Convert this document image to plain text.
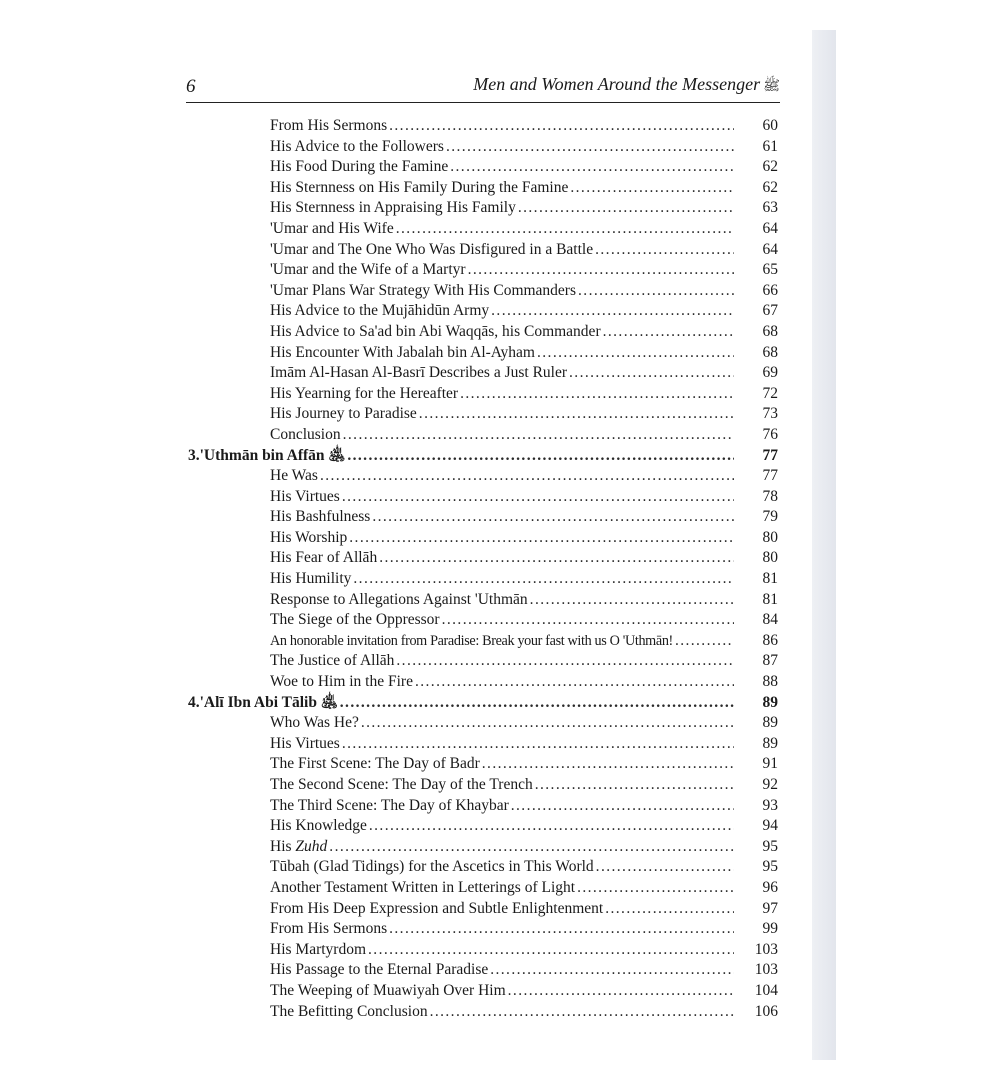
6	Men and Women Around the Messenger ﷺ
From His Sermons .....	60
His Advice to the Followers .....	61
His Food During the Famine .....	62
His Sternness on His Family During the Famine .....	62
His Sternness in Appraising His Family .....	63
'Umar and His Wife .....	64
'Umar and The One Who Was Disfigured in a Battle .....	64
'Umar and the Wife of a Martyr .....	65
'Umar Plans War Strategy With His Commanders .....	66
His Advice to the Mujāhidūn Army .....	67
His Advice to Sa'ad bin Abi Waqqās, his Commander .....	68
His Encounter With Jabalah bin Al-Ayham .....	68
Imām Al-Hasan Al-Basrī Describes a Just Ruler .....	69
His Yearning for the Hereafter .....	72
His Journey to Paradise .....	73
Conclusion .....	76
3. 'Uthmān bin Affān ﵁ .....	77
He Was .....	77
His Virtues .....	78
His Bashfulness .....	79
His Worship .....	80
His Fear of Allāh .....	80
His Humility .....	81
Response to Allegations Against 'Uthmān .....	81
The Siege of the Oppressor .....	84
An honorable invitation from Paradise: Break your fast with us O 'Uthmān! .....	86
The Justice of Allāh .....	87
Woe to Him in the Fire .....	88
4. 'Alī Ibn Abi Tālib ﵁ .....	89
Who Was He? .....	89
His Virtues .....	89
The First Scene: The Day of Badr .....	91
The Second Scene: The Day of the Trench .....	92
The Third Scene: The Day of Khaybar .....	93
His Knowledge .....	94
His Zuhd .....	95
Tūbah (Glad Tidings) for the Ascetics in This World .....	95
Another Testament Written in Letterings of Light .....	96
From His Deep Expression and Subtle Enlightenment .....	97
From His Sermons .....	99
His Martyrdom .....	103
His Passage to the Eternal Paradise .....	103
The Weeping of Muawiyah Over Him .....	104
The Befitting Conclusion .....	106
